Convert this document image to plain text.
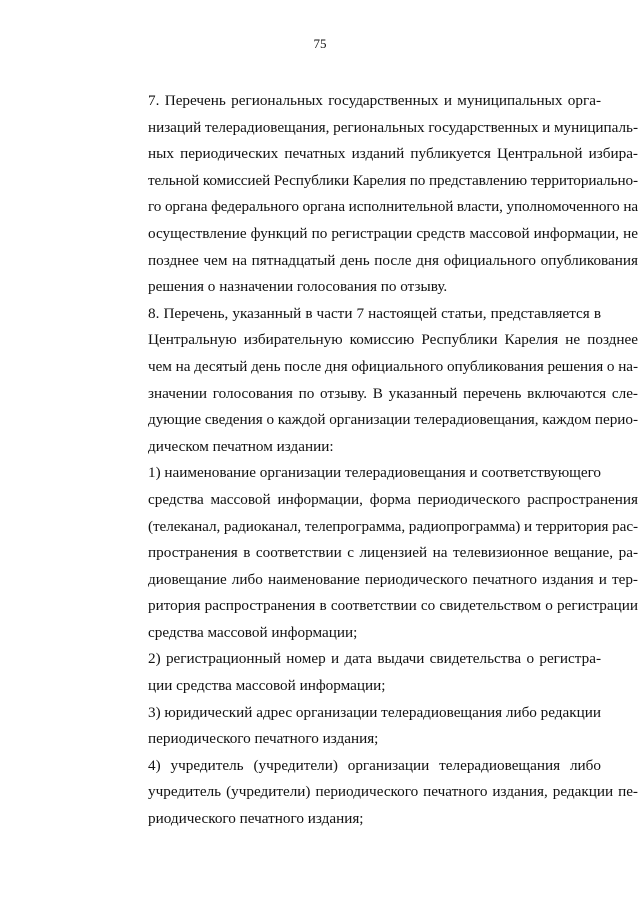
75

7. Перечень региональных государственных и муниципальных орга-
низаций телерадиовещания, региональных государственных и муниципаль-
ных периодических печатных изданий публикуется Центральной избира-
тельной комиссией Республики Карелия по представлению территориально-
го органа федерального органа исполнительной власти, уполномоченного на
осуществление функций по регистрации средств массовой информации, не
позднее чем на пятнадцатый день после дня официального опубликования
решения о назначении голосования по отзыву.

8. Перечень, указанный в части 7 настоящей статьи, представляется в
Центральную избирательную комиссию Республики Карелия не позднее
чем на десятый день после дня официального опубликования решения о на-
значении голосования по отзыву. В указанный перечень включаются сле-
дующие сведения о каждой организации телерадиовещания, каждом перио-
дическом печатном издании:

1) наименование организации телерадиовещания и соответствующего
средства массовой информации, форма периодического распространения
(телеканал, радиоканал, телепрограмма, радиопрограмма) и территория рас-
пространения в соответствии с лицензией на телевизионное вещание, ра-
диовещание либо наименование периодического печатного издания и тер-
ритория распространения в соответствии со свидетельством о регистрации
средства массовой информации;

2) регистрационный номер и дата выдачи свидетельства о регистра-
ции средства массовой информации;

3) юридический адрес организации телерадиовещания либо редакции
периодического печатного издания;

4) учредитель (учредители) организации телерадиовещания либо
учредитель (учредители) периодического печатного издания, редакции пе-
риодического печатного издания;
